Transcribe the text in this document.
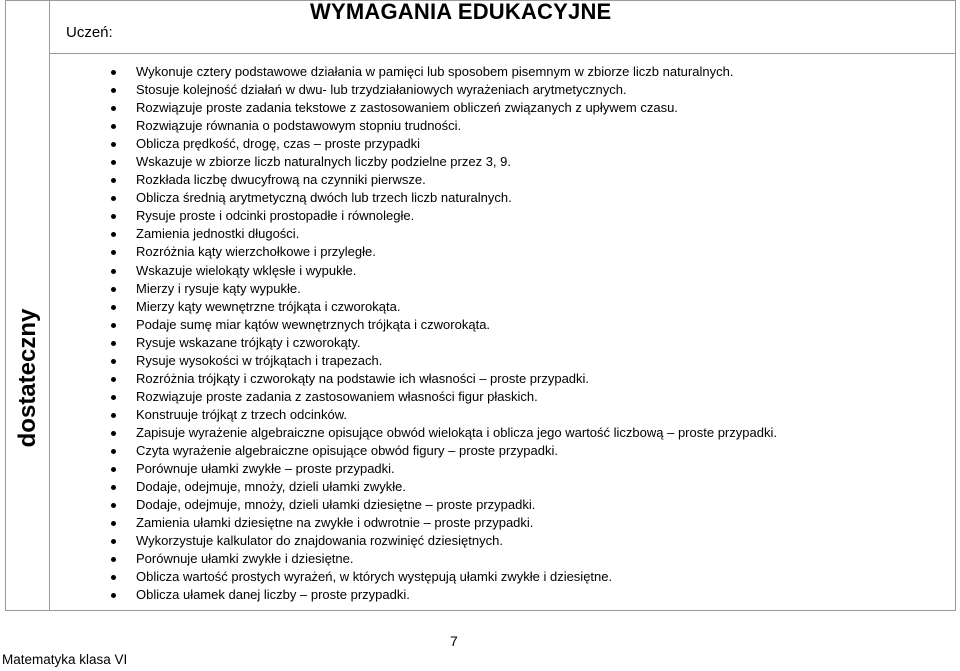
Uczeń:
WYMAGANIA EDUKACYJNE
dostateczny
Wykonuje cztery podstawowe działania w pamięci lub sposobem pisemnym w zbiorze liczb naturalnych.
Stosuje kolejność działań w dwu- lub trzydziałaniowych wyrażeniach arytmetycznych.
Rozwiązuje proste zadania tekstowe z zastosowaniem obliczeń związanych z upływem czasu.
Rozwiązuje równania o podstawowym stopniu trudności.
Oblicza prędkość, drogę, czas – proste przypadki
Wskazuje w zbiorze liczb naturalnych liczby podzielne przez 3, 9.
Rozkłada liczbę dwucyfrową na czynniki pierwsze.
Oblicza średnią arytmetyczną dwóch lub trzech liczb naturalnych.
Rysuje proste i odcinki prostopadłe i równoległe.
Zamienia jednostki długości.
Rozróżnia kąty wierzchołkowe i przyległe.
Wskazuje wielokąty wklęsłe i wypukłe.
Mierzy i rysuje kąty wypukłe.
Mierzy kąty wewnętrzne trójkąta i czworokąta.
Podaje sumę miar kątów wewnętrznych trójkąta i czworokąta.
Rysuje wskazane trójkąty i czworokąty.
Rysuje wysokości w trójkątach i trapezach.
Rozróżnia trójkąty i czworokąty na podstawie ich własności – proste przypadki.
Rozwiązuje proste zadania z zastosowaniem własności figur płaskich.
Konstruuje trójkąt z trzech odcinków.
Zapisuje wyrażenie algebraiczne opisujące obwód wielokąta i oblicza jego wartość liczbową – proste przypadki.
Czyta wyrażenie algebraiczne opisujące obwód figury – proste przypadki.
Porównuje ułamki zwykłe – proste przypadki.
Dodaje, odejmuje, mnoży, dzieli ułamki zwykłe.
Dodaje, odejmuje, mnoży, dzieli ułamki dziesiętne – proste przypadki.
Zamienia ułamki dziesiętne na zwykłe i odwrotnie – proste przypadki.
Wykorzystuje kalkulator do znajdowania rozwinięć dziesiętnych.
Porównuje ułamki zwykłe i dziesiętne.
Oblicza wartość prostych wyrażeń, w których występują ułamki zwykłe i dziesiętne.
Oblicza ułamek danej liczby – proste przypadki.
7
Matematyka klasa VI
